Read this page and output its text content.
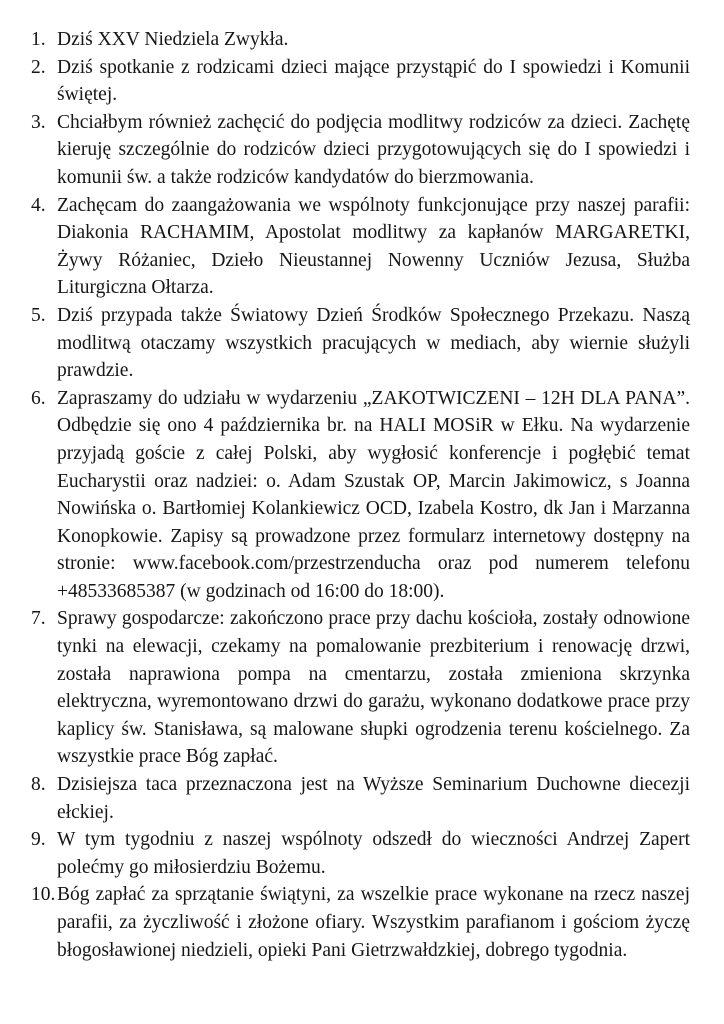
1. Dziś XXV Niedziela Zwykła.
2. Dziś spotkanie z rodzicami dzieci mające przystąpić do I spowiedzi i Komunii świętej.
3. Chciałbym również zachęcić do podjęcia modlitwy rodziców za dzieci. Zachętę kieruję szczególnie do rodziców dzieci przygotowujących się do I spowiedzi i komunii św. a także rodziców kandydatów do bierzmowania.
4. Zachęcam do zaangażowania we wspólnoty funkcjonujące przy naszej parafii: Diakonia RACHAMIM, Apostolat modlitwy za kapłanów MARGARETKI, Żywy Różaniec, Dzieło Nieustannej Nowenny Uczniów Jezusa, Służba Liturgiczna Ołtarza.
5. Dziś przypada także Światowy Dzień Środków Społecznego Przekazu. Naszą modlitwą otaczamy wszystkich pracujących w mediach, aby wiernie służyli prawdzie.
6. Zapraszamy do udziału w wydarzeniu „ZAKOTWICZENI – 12H DLA PANA”. Odbędzie się ono 4 października br. na HALI MOSiR w Ełku. Na wydarzenie przyjadą goście z całej Polski, aby wygłosić konferencje i pogłębić temat Eucharystii oraz nadziei: o. Adam Szustak OP, Marcin Jakimowicz, s Joanna Nowińska o. Bartłomiej Kolankiewicz OCD, Izabela Kostro, dk Jan i Marzanna Konopkowie. Zapisy są prowadzone przez formularz internetowy dostępny na stronie: www.facebook.com/przestrzenducha oraz pod numerem telefonu +48533685387 (w godzinach od 16:00 do 18:00).
7. Sprawy gospodarcze: zakończono prace przy dachu kościoła, zostały odnowione tynki na elewacji, czekamy na pomalowanie prezbiterium i renowację drzwi, została naprawiona pompa na cmentarzu, została zmieniona skrzynka elektryczna, wyremontowano drzwi do garażu, wykonano dodatkowe prace przy kaplicy św. Stanisława, są malowane słupki ogrodzenia terenu kościelnego. Za wszystkie prace Bóg zapłać.
8. Dzisiejsza taca przeznaczona jest na Wyższe Seminarium Duchowne diecezji ełckiej.
9. W tym tygodniu z naszej wspólnoty odszedł do wieczności Andrzej Zapert polećmy go miłosierdziu Bożemu.
10. Bóg zapłać za sprzątanie świątyni, za wszelkie prace wykonane na rzecz naszej parafii, za życzliwość i złożone ofiary. Wszystkim parafianom i gościom życzę błogosławionej niedzieli, opieki Pani Gietrzwałdzkiej, dobrego tygodnia.
